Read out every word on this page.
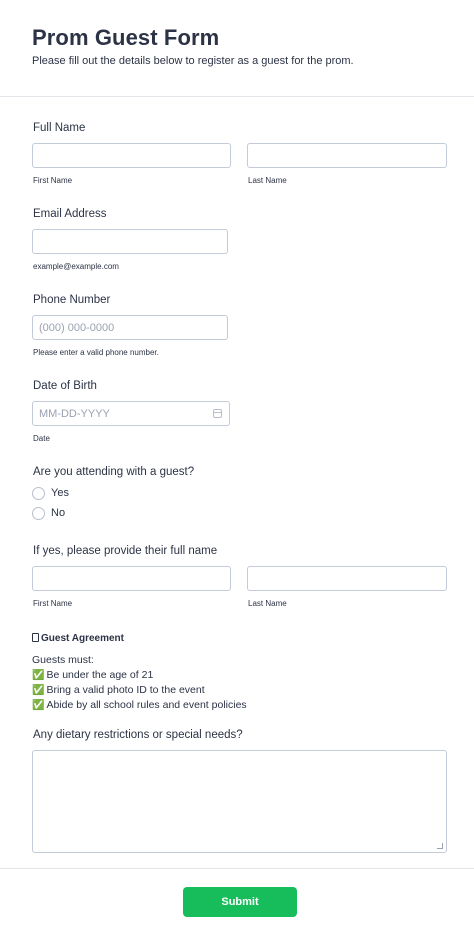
Prom Guest Form
Please fill out the details below to register as a guest for the prom.
Full Name
First Name	Last Name
Email Address
example@example.com
Phone Number
(000) 000-0000
Please enter a valid phone number.
Date of Birth
MM-DD-YYYY
Date
Are you attending with a guest?
Yes
No
If yes, please provide their full name
First Name	Last Name
Guest Agreement
Guests must:
✅ Be under the age of 21
✅ Bring a valid photo ID to the event
✅ Abide by all school rules and event policies
Any dietary restrictions or special needs?
Submit
